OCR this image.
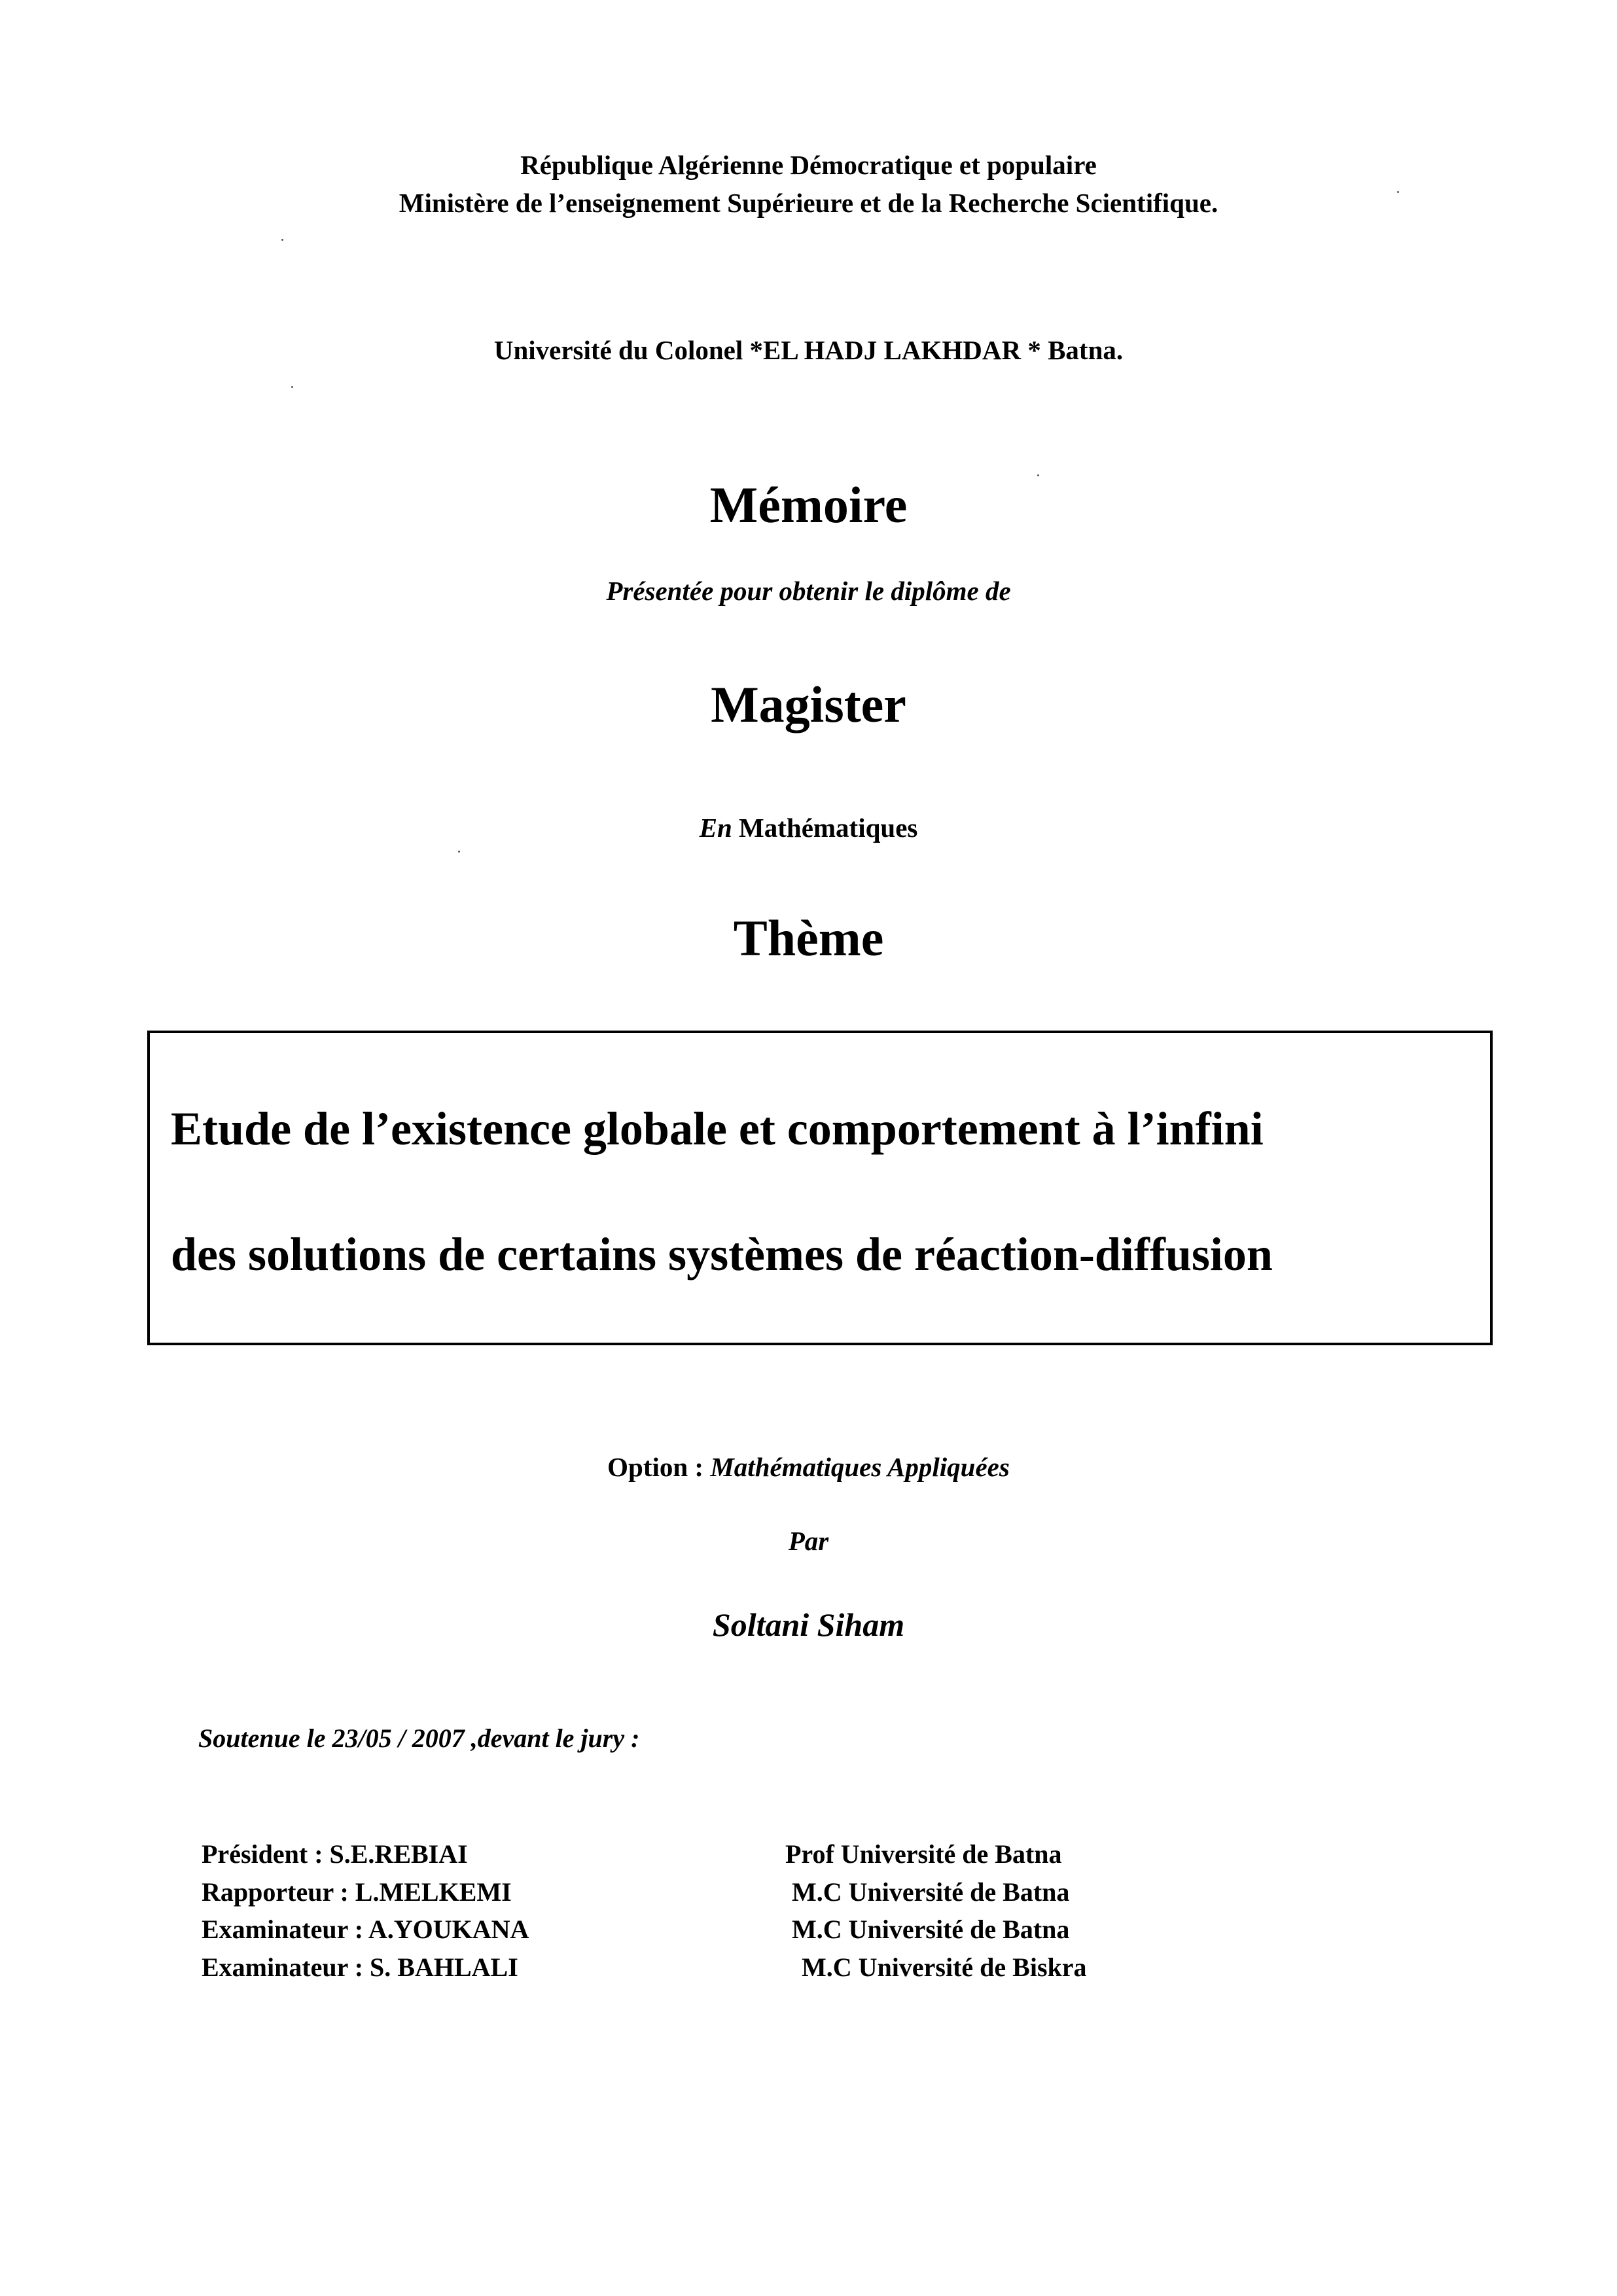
République Algérienne Démocratique et populaire
Ministère de l’enseignement Supérieure et de la Recherche Scientifique.
Université du Colonel *EL HADJ LAKHDAR * Batna.
Mémoire
Présentée pour obtenir le diplôme de
Magister
En Mathématiques
Thème
Etude de l’existence globale et comportement à l’infini
des solutions de certains systèmes de réaction-diffusion
Option : Mathématiques Appliquées
Par
Soltani Siham
Soutenue le 23/05 / 2007 ,devant le jury :
Président : S.E.REBIAI	Prof Université de Batna
Rapporteur : L.MELKEMI	M.C Université de Batna
Examinateur : A.YOUKANA	M.C Université de Batna
Examinateur : S. BAHLALI	M.C Université de Biskra
